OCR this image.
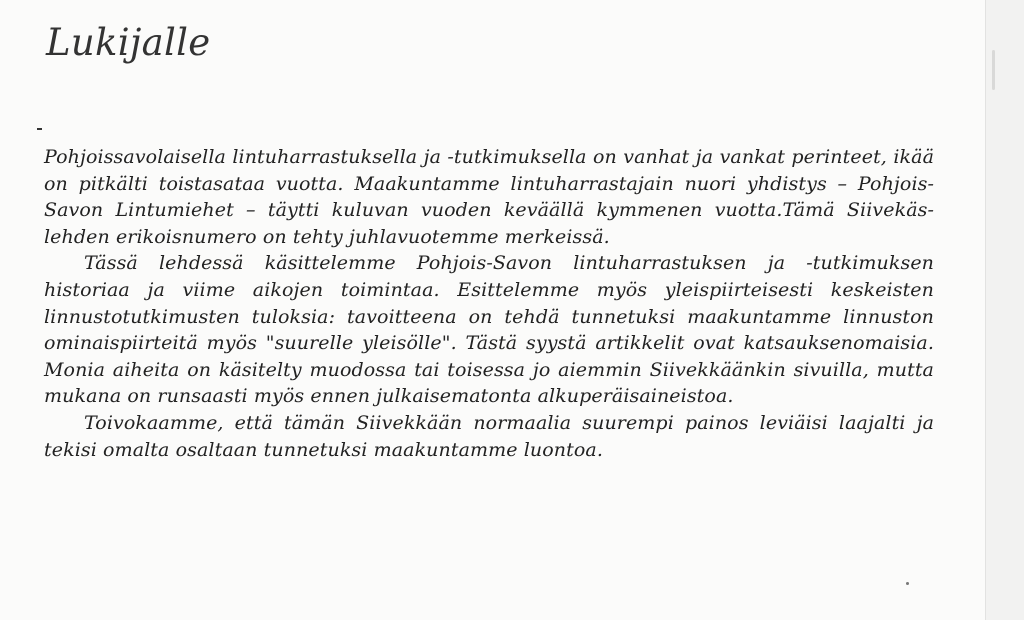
Lukijalle

Pohjoissavolaisella lintuharrastuksella ja -tutkimuksella on vanhat ja vankat perinteet, ikää on pitkälti toistasataa vuotta. Maakuntamme lintuharrastajain nuori yhdistys – Pohjois-Savon Lintumiehet – täytti kuluvan vuoden keväällä kymmenen vuotta.Tämä Siivekäs-lehden erikoisnumero on tehty juhlavuotemme merkeissä.

Tässä lehdessä käsittelemme Pohjois-Savon lintuharrastuksen ja -tutkimuksen historiaa ja viime aikojen toimintaa. Esittelemme myös yleispiirteisesti keskeisten linnustotutkimusten tuloksia: tavoitteena on tehdä tunnetuksi maakuntamme linnuston ominaispiirteitä myös "suurelle yleisölle". Tästä syystä artikkelit ovat katsauksenomaisia. Monia aiheita on käsitelty muodossa tai toisessa jo aiemmin Siivekkäänkin sivuilla, mutta mukana on runsaasti myös ennen julkaisematonta alkuperäisaineistoa.

Toivokaamme, että tämän Siivekkään normaalia suurempi painos leviäisi laajalti ja tekisi omalta osaltaan tunnetuksi maakuntamme luontoa.
